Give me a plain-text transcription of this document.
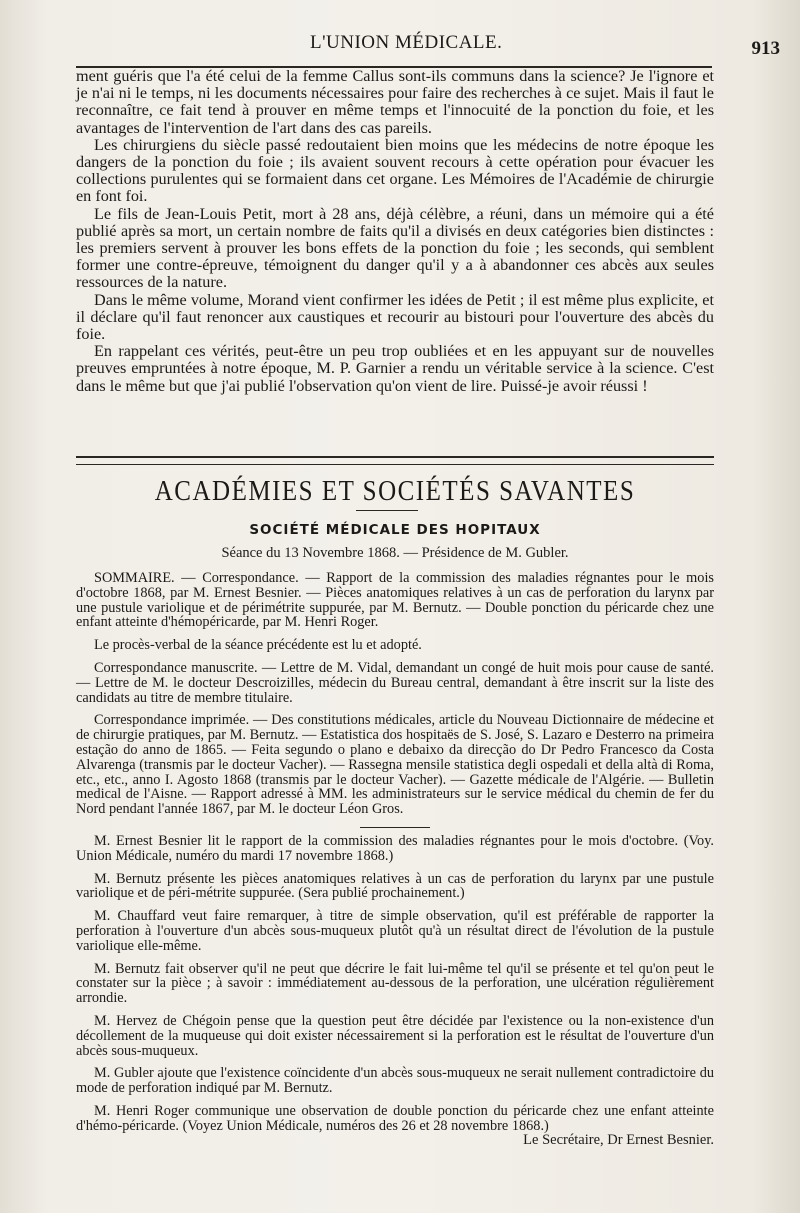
L'UNION MÉDICALE.	913

ment guéris que l'a été celui de la femme Callus sont-ils communs dans la science? Je l'ignore et je n'ai ni le temps, ni les documents nécessaires pour faire des recherches à ce sujet. Mais il faut le reconnaître, ce fait tend à prouver en même temps et l'innocuité de la ponction du foie, et les avantages de l'intervention de l'art dans des cas pareils.

Les chirurgiens du siècle passé redoutaient bien moins que les médecins de notre époque les dangers de la ponction du foie ; ils avaient souvent recours à cette opération pour évacuer les collections purulentes qui se formaient dans cet organe. Les Mémoires de l'Académie de chirurgie en font foi.

Le fils de Jean-Louis Petit, mort à 28 ans, déjà célèbre, a réuni, dans un mémoire qui a été publié après sa mort, un certain nombre de faits qu'il a divisés en deux catégories bien distinctes : les premiers servent à prouver les bons effets de la ponction du foie ; les seconds, qui semblent former une contre-épreuve, témoignent du danger qu'il y a à abandonner ces abcès aux seules ressources de la nature.

Dans le même volume, Morand vient confirmer les idées de Petit ; il est même plus explicite, et il déclare qu'il faut renoncer aux caustiques et recourir au bistouri pour l'ouverture des abcès du foie.

En rappelant ces vérités, peut-être un peu trop oubliées et en les appuyant sur de nouvelles preuves empruntées à notre époque, M. P. Garnier a rendu un véritable service à la science. C'est dans le même but que j'ai publié l'observation qu'on vient de lire. Puissé-je avoir réussi !

ACADÉMIES ET SOCIÉTÉS SAVANTES
SOCIÉTÉ MÉDICALE DES HOPITAUX
Séance du 13 Novembre 1868. — Présidence de M. Gubler.

SOMMAIRE. — Correspondance. — Rapport de la commission des maladies régnantes pour le mois d'octobre 1868, par M. Ernest Besnier. — Pièces anatomiques relatives à un cas de perforation du larynx par une pustule variolique et de périmétrite suppurée, par M. Bernutz. — Double ponction du péricarde chez une enfant atteinte d'hémopéricarde, par M. Henri Roger.

Le procès-verbal de la séance précédente est lu et adopté.

Correspondance manuscrite. — Lettre de M. Vidal, demandant un congé de huit mois pour cause de santé. — Lettre de M. le docteur Descroizilles, médecin du Bureau central, demandant à être inscrit sur la liste des candidats au titre de membre titulaire.

Correspondance imprimée. — Des constitutions médicales, article du Nouveau Dictionnaire de médecine et de chirurgie pratiques, par M. Bernutz. — Estatistica dos hospitaës de S. José, S. Lazaro e Desterro na primeira estação do anno de 1865. — Feita segundo o plano e debaixo da direcção do Dr Pedro Francesco da Costa Alvarenga (transmis par le docteur Vacher). — Rassegna mensile statistica degli ospedali et della altà di Roma, etc., etc., anno I. Agosto 1868 (transmis par le docteur Vacher). — Gazette médicale de l'Algérie. — Bulletin medical de l'Aisne. — Rapport adressé à MM. les administrateurs sur le service médical du chemin de fer du Nord pendant l'année 1867, par M. le docteur Léon Gros.

M. Ernest Besnier lit le rapport de la commission des maladies régnantes pour le mois d'octobre. (Voy. Union Médicale, numéro du mardi 17 novembre 1868.)

M. Bernutz présente les pièces anatomiques relatives à un cas de perforation du larynx par une pustule variolique et de péri-métrite suppurée. (Sera publié prochainement.)

M. Chauffard veut faire remarquer, à titre de simple observation, qu'il est préférable de rapporter la perforation à l'ouverture d'un abcès sous-muqueux plutôt qu'à un résultat direct de l'évolution de la pustule variolique elle-même.

M. Bernutz fait observer qu'il ne peut que décrire le fait lui-même tel qu'il se présente et tel qu'on peut le constater sur la pièce ; à savoir : immédiatement au-dessous de la perforation, une ulcération régulièrement arrondie.

M. Hervez de Chégoin pense que la question peut être décidée par l'existence ou la non-existence d'un décollement de la muqueuse qui doit exister nécessairement si la perforation est le résultat de l'ouverture d'un abcès sous-muqueux.

M. Gubler ajoute que l'existence coïncidente d'un abcès sous-muqueux ne serait nullement contradictoire du mode de perforation indiqué par M. Bernutz.

M. Henri Roger communique une observation de double ponction du péricarde chez une enfant atteinte d'hémo-péricarde. (Voyez Union Médicale, numéros des 26 et 28 novembre 1868.)

Le Secrétaire, Dr Ernest Besnier.
